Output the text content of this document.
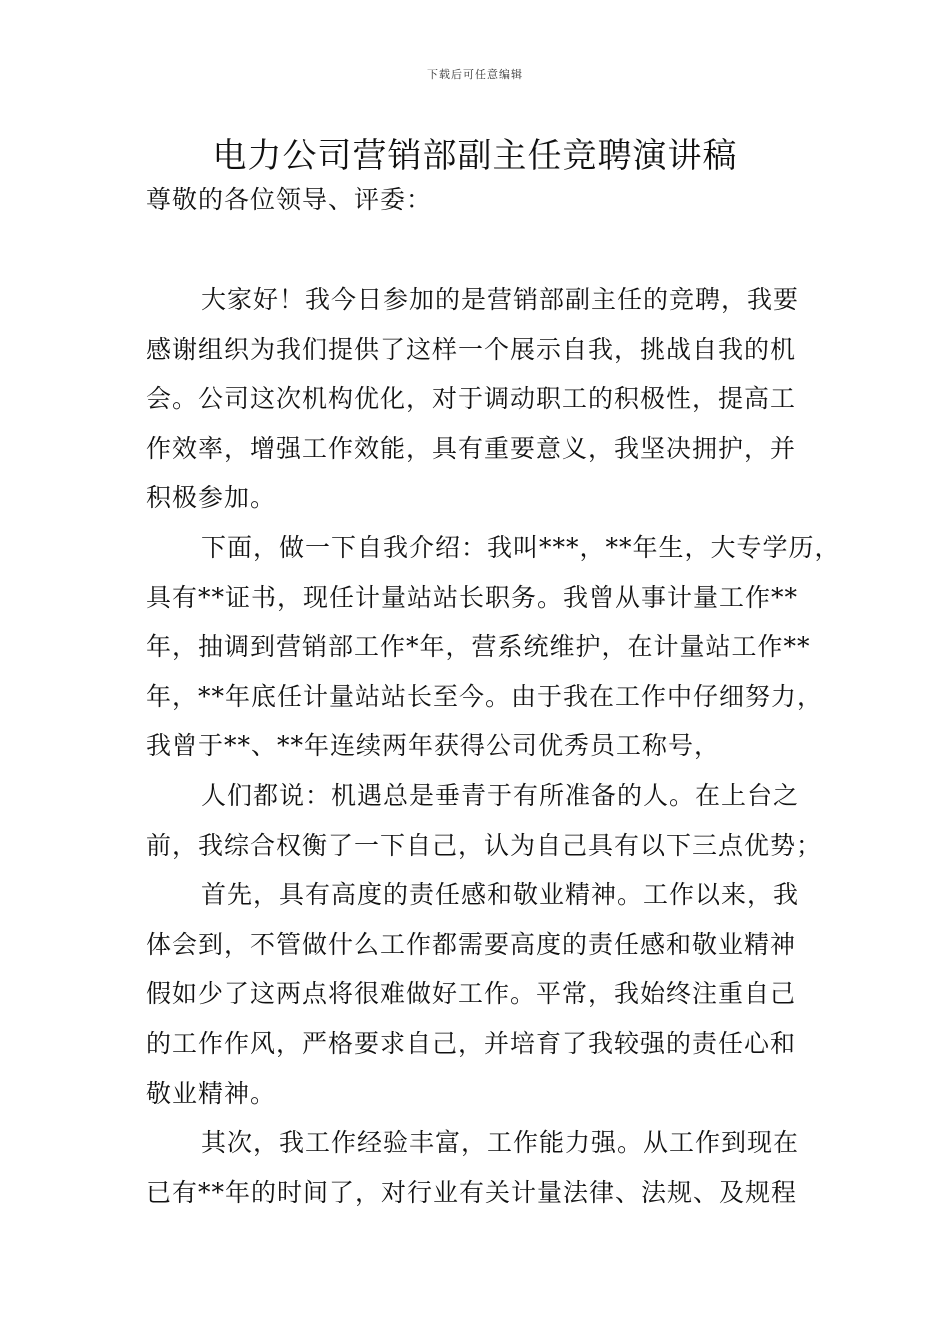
下载后可任意编辑
电力公司营销部副主任竞聘演讲稿

尊敬的各位领导、评委：

大家好！我今日参加的是营销部副主任的竞聘，我要
感谢组织为我们提供了这样一个展示自我，挑战自我的机
会。公司这次机构优化，对于调动职工的积极性，提高工
作效率，增强工作效能，具有重要意义，我坚决拥护，并
积极参加。

下面，做一下自我介绍：我叫***，**年生，大专学历，
具有**证书，现任计量站站长职务。我曾从事计量工作**
年，抽调到营销部工作*年，营系统维护，在计量站工作**
年，**年底任计量站站长至今。由于我在工作中仔细努力，
我曾于**、**年连续两年获得公司优秀员工称号，

人们都说：机遇总是垂青于有所准备的人。在上台之
前，我综合权衡了一下自己，认为自己具有以下三点优势；

首先，具有高度的责任感和敬业精神。工作以来，我
体会到，不管做什么工作都需要高度的责任感和敬业精神
假如少了这两点将很难做好工作。平常，我始终注重自己
的工作作风，严格要求自己，并培育了我较强的责任心和
敬业精神。

其次，我工作经验丰富，工作能力强。从工作到现在
已有**年的时间了，对行业有关计量法律、法规、及规程
